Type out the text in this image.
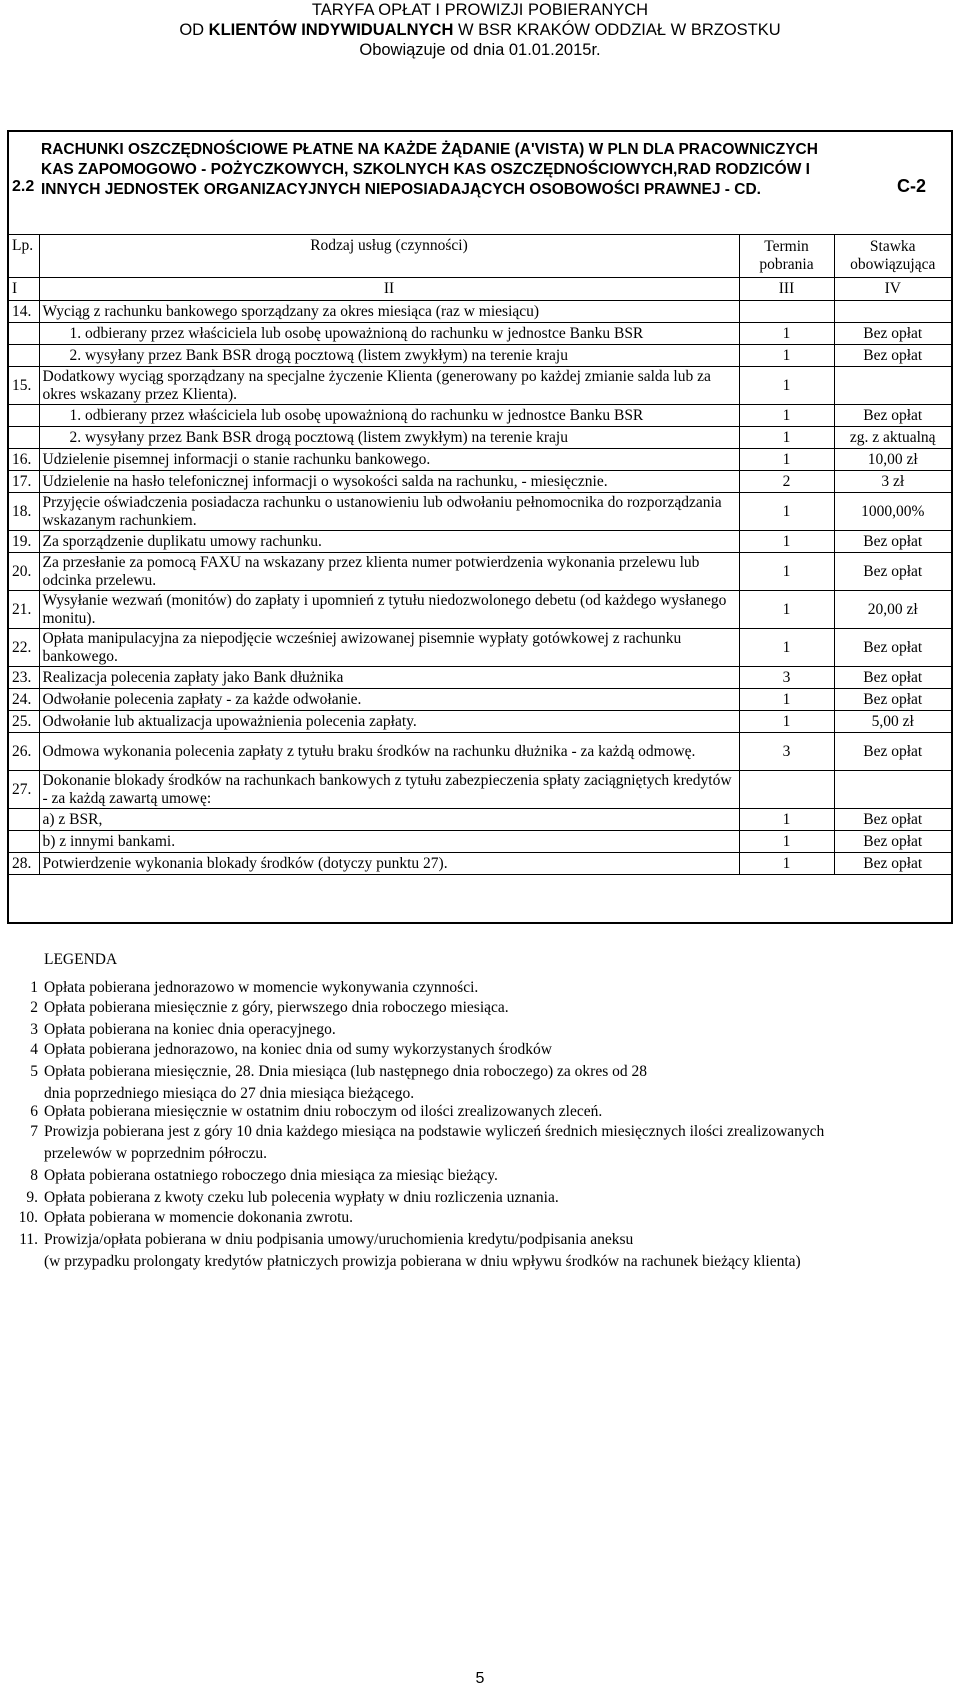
TARYFA OPŁAT I PROWIZJI POBIERANYCH
OD KLIENTÓW INDYWIDUALNYCH W BSR KRAKÓW ODDZIAŁ W BRZOSTKU
Obowiązuje od dnia 01.01.2015r.
2.2
RACHUNKI OSZCZĘDNOŚCIOWE PŁATNE NA KAŻDE ŻĄDANIE (A'VISTA) W PLN DLA PRACOWNICZYCH KAS ZAPOMOGOWO - POŻYCZKOWYCH, SZKOLNYCH KAS OSZCZĘDNOŚCIOWYCH,RAD RODZICÓW I INNYCH JEDNOSTEK ORGANIZACYJNYCH NIEPOSIADAJĄCYCH OSOBOWOŚCI PRAWNEJ - CD.	C-2
Lp.	Rodzaj usług (czynności)	Termin pobrania	Stawka obowiązująca
I	II	III	IV
14.	Wyciąg z rachunku bankowego sporządzany za okres miesiąca (raz w miesiącu)		
	1. odbierany przez właściciela lub osobę upoważnioną do rachunku w jednostce Banku BSR	1	Bez opłat
	2. wysyłany przez Bank BSR drogą pocztową (listem zwykłym) na terenie kraju	1	Bez opłat
15.	Dodatkowy wyciąg sporządzany na specjalne życzenie Klienta (generowany po każdej zmianie salda lub za okres wskazany przez Klienta).	1	
	1. odbierany przez właściciela lub osobę upoważnioną do rachunku w jednostce Banku BSR	1	Bez opłat
	2. wysyłany przez Bank BSR drogą pocztową (listem zwykłym) na terenie kraju	1	zg. z aktualną
16.	Udzielenie pisemnej informacji o stanie rachunku bankowego.	1	10,00 zł
17.	Udzielenie na hasło telefonicznej informacji o wysokości salda na rachunku, - miesięcznie.	2	3 zł
18.	Przyjęcie oświadczenia posiadacza rachunku o ustanowieniu lub odwołaniu pełnomocnika do rozporządzania wskazanym rachunkiem.	1	1000,00%
19.	Za sporządzenie duplikatu umowy rachunku.	1	Bez opłat
20.	Za przesłanie za pomocą FAXU na wskazany przez klienta numer potwierdzenia wykonania przelewu lub odcinka przelewu.	1	Bez opłat
21.	Wysyłanie wezwań (monitów) do zapłaty i upomnień z tytułu niedozwolonego debetu (od każdego wysłanego monitu).	1	20,00 zł
22.	Opłata manipulacyjna za niepodjęcie wcześniej awizowanej pisemnie wypłaty gotówkowej z rachunku bankowego.	1	Bez opłat
23.	Realizacja polecenia zapłaty jako Bank dłużnika	3	Bez opłat
24.	Odwołanie polecenia zapłaty - za każde odwołanie.	1	Bez opłat
25.	Odwołanie lub aktualizacja upoważnienia polecenia zapłaty.	1	5,00 zł
26.	Odmowa wykonania polecenia zapłaty z tytułu braku środków na rachunku dłużnika - za każdą odmowę.	3	Bez opłat
27.	Dokonanie blokady środków na rachunkach bankowych z tytułu zabezpieczenia spłaty zaciągniętych kredytów - za każdą zawartą umowę:		
	a) z BSR,	1	Bez opłat
	b) z innymi bankami.	1	Bez opłat
28.	Potwierdzenie wykonania blokady środków (dotyczy punktu 27).	1	Bez opłat
LEGENDA
1 Opłata pobierana jednorazowo w momencie wykonywania czynności.
2 Opłata pobierana miesięcznie z góry, pierwszego dnia roboczego miesiąca.
3 Opłata pobierana na koniec dnia operacyjnego.
4 Opłata pobierana jednorazowo, na koniec dnia od sumy wykorzystanych środków
5 Opłata pobierana miesięcznie, 28. Dnia miesiąca (lub następnego dnia roboczego) za okres od 28
dnia poprzedniego miesiąca do 27 dnia miesiąca bieżącego.
6 Opłata pobierana miesięcznie w ostatnim dniu roboczym od ilości zrealizowanych zleceń.
7 Prowizja pobierana jest z góry 10 dnia każdego miesiąca na podstawie wyliczeń średnich miesięcznych ilości zrealizowanych
przelewów w poprzednim półroczu.
8 Opłata pobierana ostatniego roboczego dnia miesiąca za miesiąc bieżący.
9. Opłata pobierana z kwoty czeku lub polecenia wypłaty w dniu rozliczenia uznania.
10. Opłata pobierana w momencie dokonania zwrotu.
11. Prowizja/opłata pobierana w dniu podpisania umowy/uruchomienia kredytu/podpisania aneksu
(w przypadku prolongaty kredytów płatniczych prowizja pobierana w dniu wpływu środków na rachunek bieżący klienta)
5
